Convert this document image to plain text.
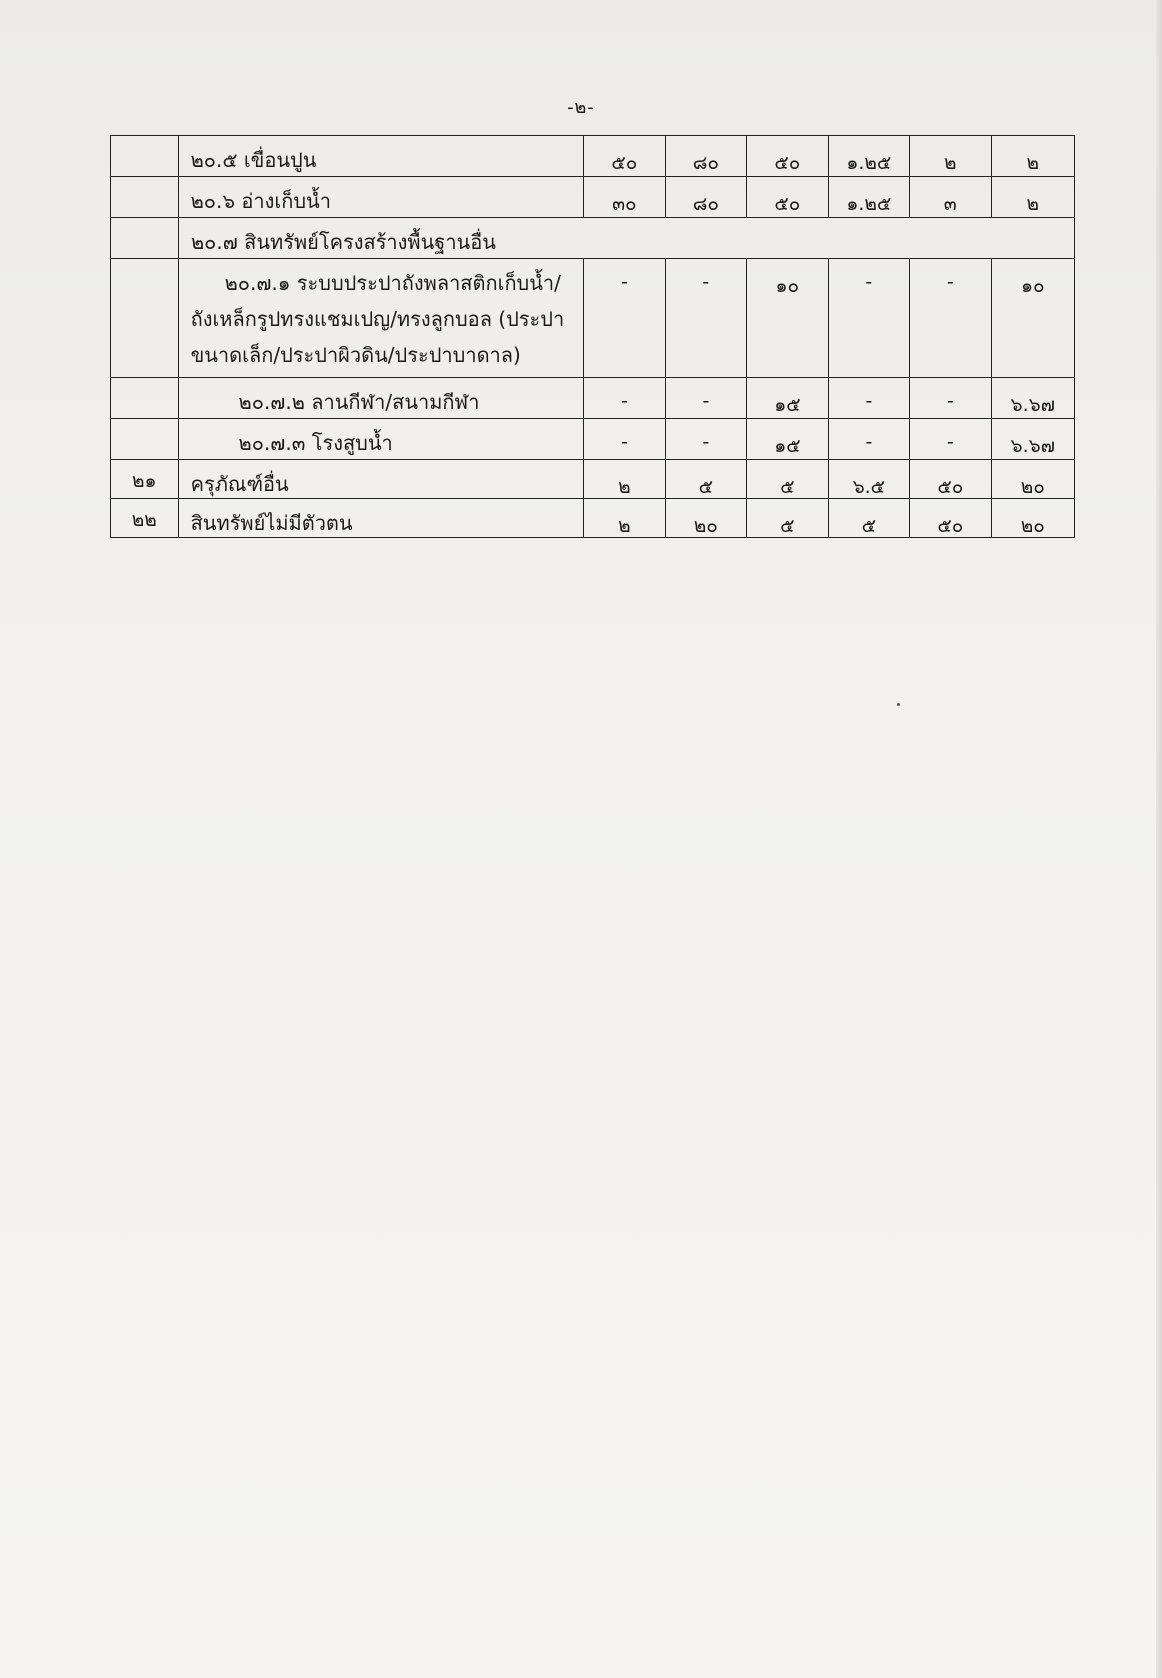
-๒-
๒๐.๕ เขื่อนปูน	๕๐	๘๐	๕๐	๑.๒๕	๒	๒
๒๐.๖ อ่างเก็บน้ำ	๓๐	๘๐	๕๐	๑.๒๕	๓	๒
๒๐.๗ สินทรัพย์โครงสร้างพื้นฐานอื่น
๒๐.๗.๑ ระบบประปาถังพลาสติกเก็บน้ำ/
ถังเหล็กรูปทรงแชมเปญ/ทรงลูกบอล (ประปา
ขนาดเล็ก/ประปาผิวดิน/ประปาบาดาล)
-	-	๑๐	-	-	๑๐
๒๐.๗.๒ ลานกีฬา/สนามกีฬา	-	-	๑๕	-	-	๖.๖๗
๒๐.๗.๓ โรงสูบน้ำ	-	-	๑๕	-	-	๖.๖๗
๒๑	ครุภัณฑ์อื่น	๒	๕	๕	๖.๕	๕๐	๒๐
๒๒	สินทรัพย์ไม่มีตัวตน	๒	๒๐	๕	๕	๕๐	๒๐
